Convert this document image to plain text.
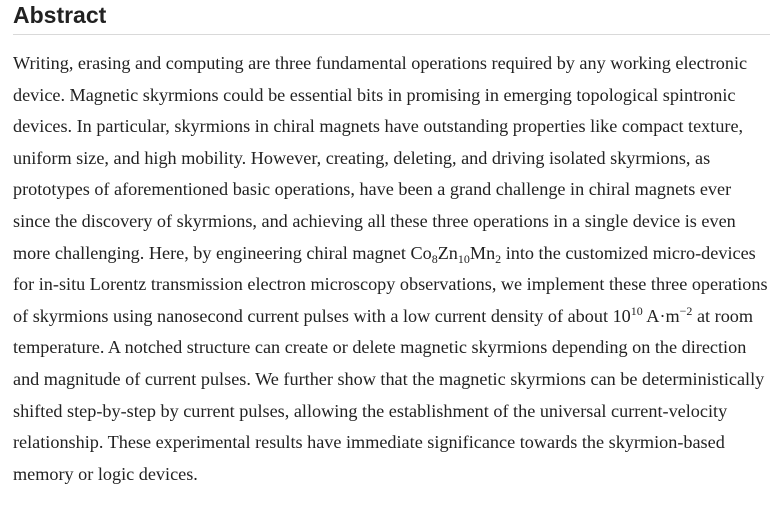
Abstract

Writing, erasing and computing are three fundamental operations required by any working electronic device. Magnetic skyrmions could be essential bits in promising in emerging topological spintronic devices. In particular, skyrmions in chiral magnets have outstanding properties like compact texture, uniform size, and high mobility. However, creating, deleting, and driving isolated skyrmions, as prototypes of aforementioned basic operations, have been a grand challenge in chiral magnets ever since the discovery of skyrmions, and achieving all these three operations in a single device is even more challenging. Here, by engineering chiral magnet $Co_8Zn_{10}Mn_2$ into the customized micro-devices for in-situ Lorentz transmission electron microscopy observations, we implement these three operations of skyrmions using nanosecond current pulses with a low current density of about $10^{10}$ $A\cdot m^{-2}$ at room temperature. A notched structure can create or delete magnetic skyrmions depending on the direction and magnitude of current pulses. We further show that the magnetic skyrmions can be deterministically shifted step-by-step by current pulses, allowing the establishment of the universal current-velocity relationship. These experimental results have immediate significance towards the skyrmion-based memory or logic devices.
